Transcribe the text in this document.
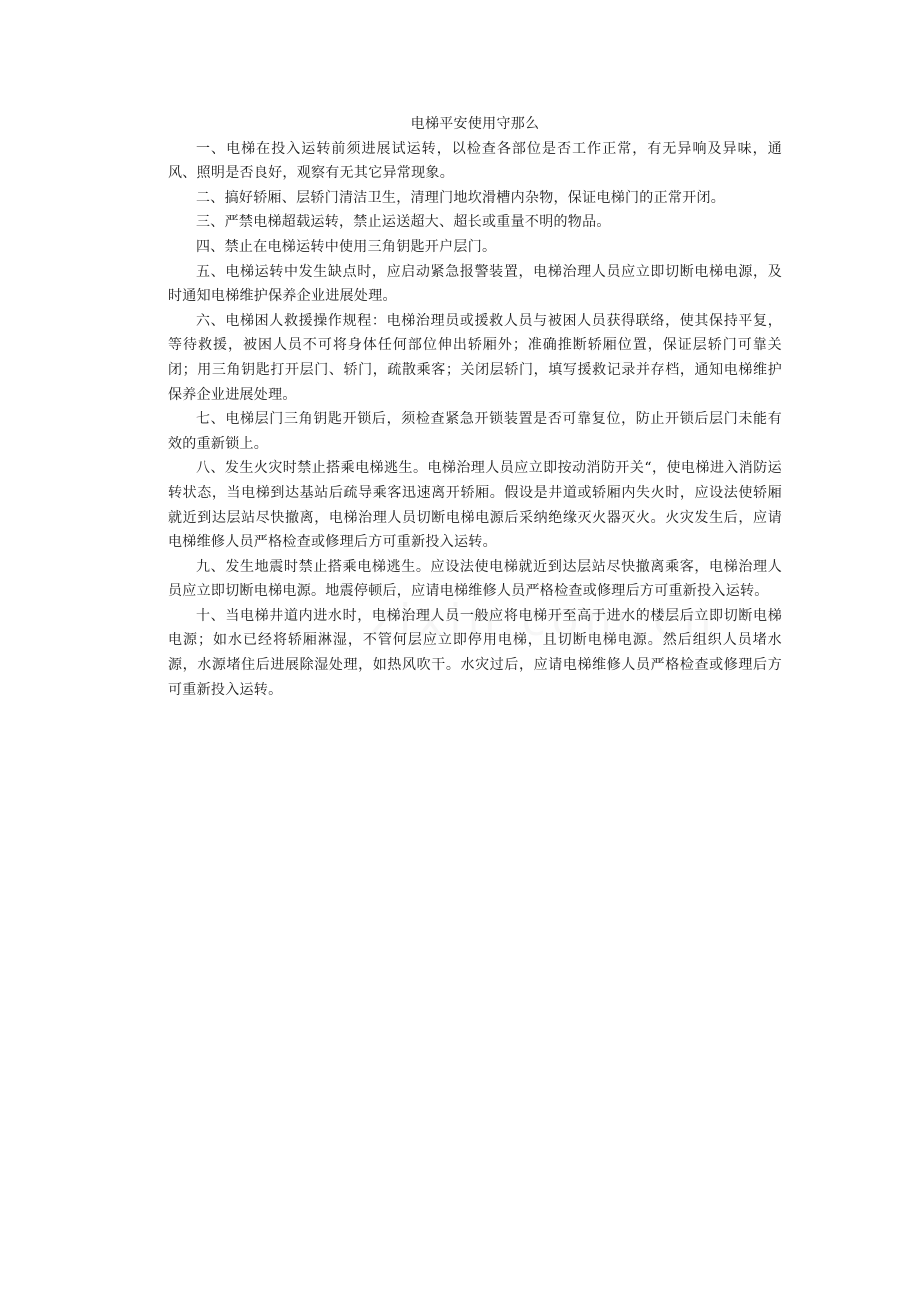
电梯平安使用守那么

一、电梯在投入运转前须进展试运转，以检查各部位是否工作正常，有无异响及异味，通风、照明是否良好，观察有无其它异常现象。

二、搞好轿厢、层轿门清洁卫生，清理门地坎滑槽内杂物，保证电梯门的正常开闭。

三、严禁电梯超载运转，禁止运送超大、超长或重量不明的物品。

四、禁止在电梯运转中使用三角钥匙开户层门。

五、电梯运转中发生缺点时，应启动紧急报警装置，电梯治理人员应立即切断电梯电源，及时通知电梯维护保养企业进展处理。

六、电梯困人救援操作规程：电梯治理员或援救人员与被困人员获得联络，使其保持平复，等待救援，被困人员不可将身体任何部位伸出轿厢外；准确推断轿厢位置，保证层轿门可靠关闭；用三角钥匙打开层门、轿门，疏散乘客；关闭层轿门，填写援救记录并存档，通知电梯维护保养企业进展处理。

七、电梯层门三角钥匙开锁后，须检查紧急开锁装置是否可靠复位，防止开锁后层门未能有效的重新锁上。

八、发生火灾时禁止搭乘电梯逃生。电梯治理人员应立即按动消防开关“，使电梯进入消防运转状态，当电梯到达基站后疏导乘客迅速离开轿厢。假设是井道或轿厢内失火时，应设法使轿厢就近到达层站尽快撤离，电梯治理人员切断电梯电源后采纳绝缘灭火器灭火。火灾发生后，应请电梯维修人员严格检查或修理后方可重新投入运转。

九、发生地震时禁止搭乘电梯逃生。应设法使电梯就近到达层站尽快撤离乘客，电梯治理人员应立即切断电梯电源。地震停顿后，应请电梯维修人员严格检查或修理后方可重新投入运转。

十、当电梯井道内进水时，电梯治理人员一般应将电梯开至高于进水的楼层后立即切断电梯电源；如水已经将轿厢淋湿，不管何层应立即停用电梯，且切断电梯电源。然后组织人员堵水源，水源堵住后进展除湿处理，如热风吹干。水灾过后，应请电梯维修人员严格检查或修理后方可重新投入运转。
